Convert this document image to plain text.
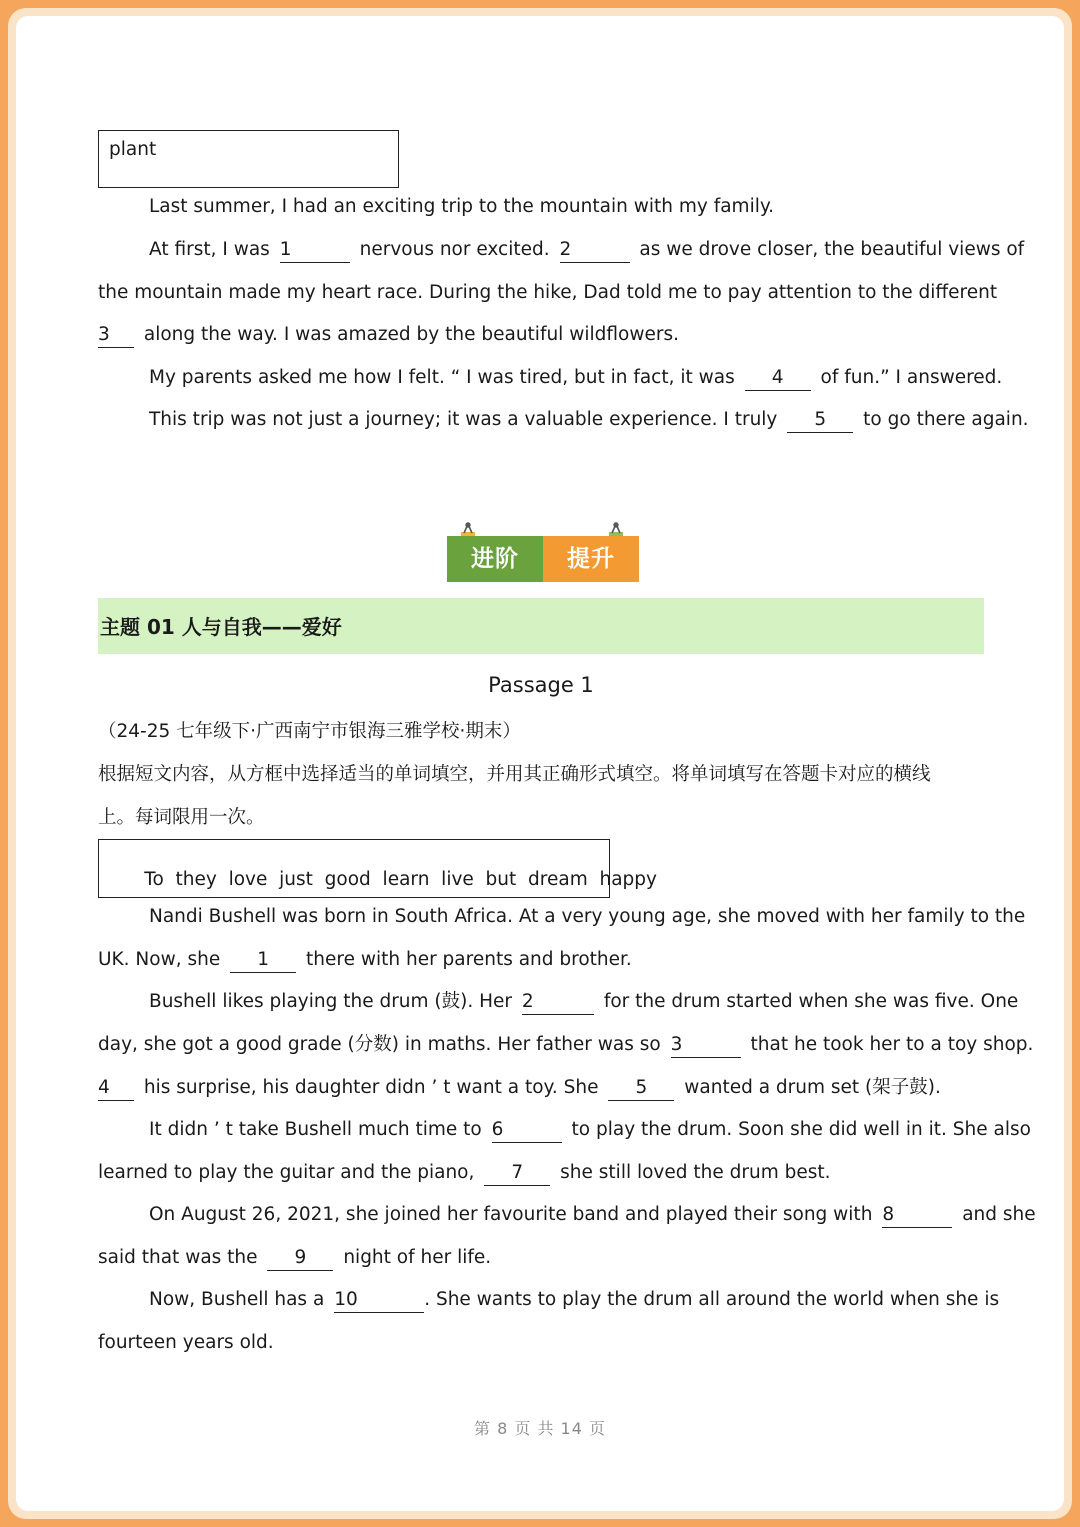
plant
Last summer, I had an exciting trip to the mountain with my family.
At first, I was 1	nervous nor excited. 2	as we drove closer, the beautiful views of
the mountain made my heart race. During the hike, Dad told me to pay attention to the different
3 along the way. I was amazed by the beautiful wildflowers.
My parents asked me how I felt. “ I was tired, but in fact, it was 4 of fun.” I answered.
This trip was not just a journey; it was a valuable experience. I truly 5 to go there again.
进阶	提升
主题 01 人与自我——爱好
Passage 1
（24-25 七年级下·广西南宁市银海三雅学校·期末）
根据短文内容，从方框中选择适当的单词填空，并用其正确形式填空。将单词填写在答题卡对应的横线
上。每词限用一次。

To  they  love  just  good  learn  live  but  dream  happy

Nandi Bushell was born in South Africa. At a very young age, she moved with her family to the
UK. Now, she 1 there with her parents and brother.
Bushell likes playing the drum (鼓). Her 2	for the drum started when she was five. One
day, she got a good grade (分数) in maths. Her father was so 3	that he took her to a toy shop.
4 his surprise, his daughter didn ’ t want a toy. She 5 wanted a drum set (架子鼓).
It didn ’ t take Bushell much time to 6	to play the drum. Soon she did well in it. She also
learned to play the guitar and the piano, 7 she still loved the drum best.
On August 26, 2021, she joined her favourite band and played their song with 8	and she
said that was the 9 night of her life.
Now, Bushell has a 10	. She wants to play the drum all around the world when she is
fourteen years old.
第 8 页 共 14 页
